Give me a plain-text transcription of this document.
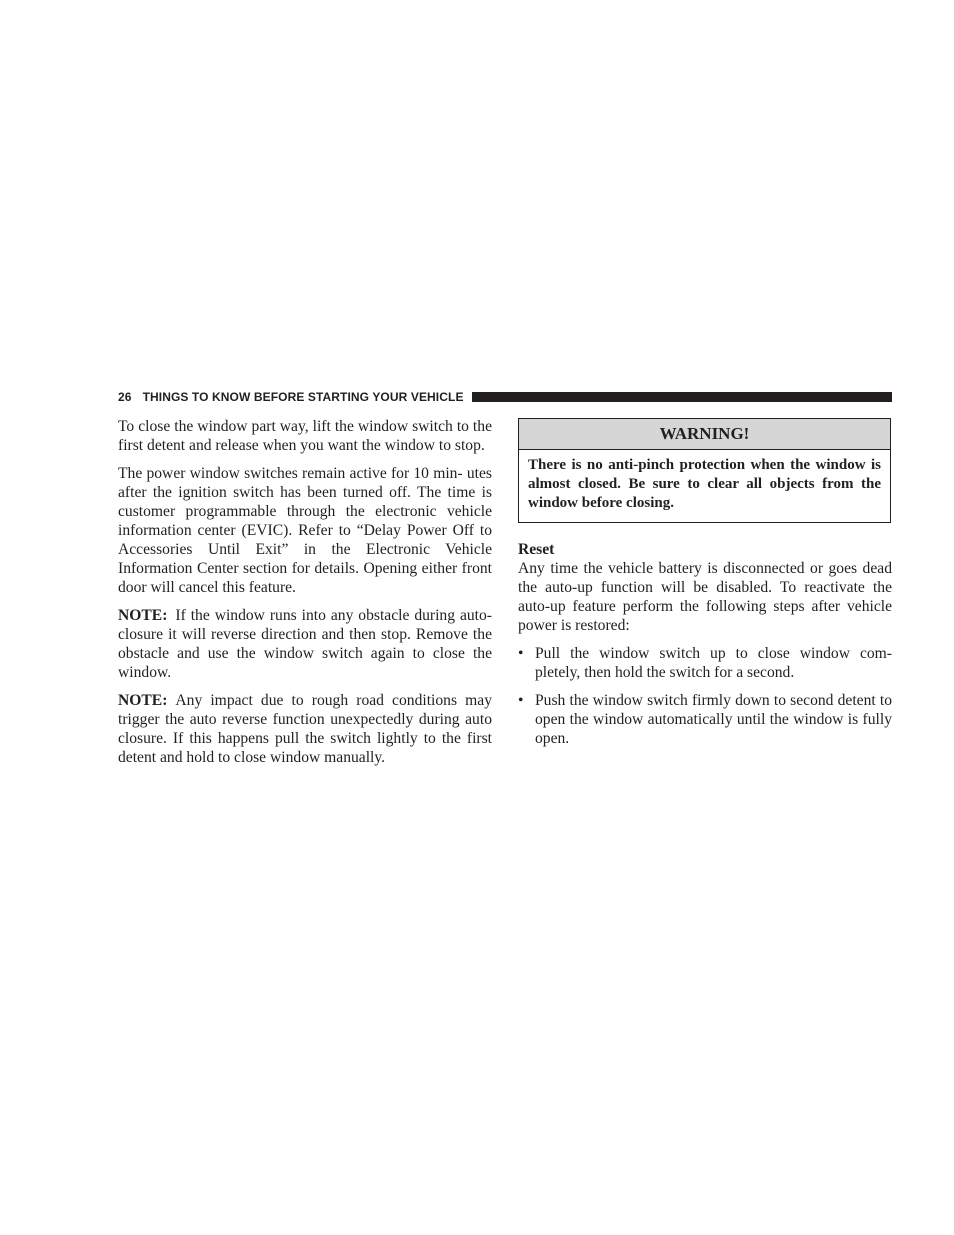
26 THINGS TO KNOW BEFORE STARTING YOUR VEHICLE

To close the window part way, lift the window switch to the first detent and release when you want the window to stop.

The power window switches remain active for 10 min- utes after the ignition switch has been turned off. The time is customer programmable through the electronic vehicle information center (EVIC). Refer to “Delay Power Off to Accessories Until Exit” in the Electronic Vehicle Information Center section for details. Opening either front door will cancel this feature.

NOTE: If the window runs into any obstacle during auto-closure it will reverse direction and then stop. Remove the obstacle and use the window switch again to close the window.

NOTE: Any impact due to rough road conditions may trigger the auto reverse function unexpectedly during auto closure. If this happens pull the switch lightly to the first detent and hold to close window manually.

WARNING!
There is no anti-pinch protection when the window is almost closed. Be sure to clear all objects from the window before closing.

Reset

Any time the vehicle battery is disconnected or goes dead the auto-up function will be disabled. To reactivate the auto-up feature perform the following steps after vehicle power is restored:

• Pull the window switch up to close window com- pletely, then hold the switch for a second.
• Push the window switch firmly down to second detent to open the window automatically until the window is fully open.
